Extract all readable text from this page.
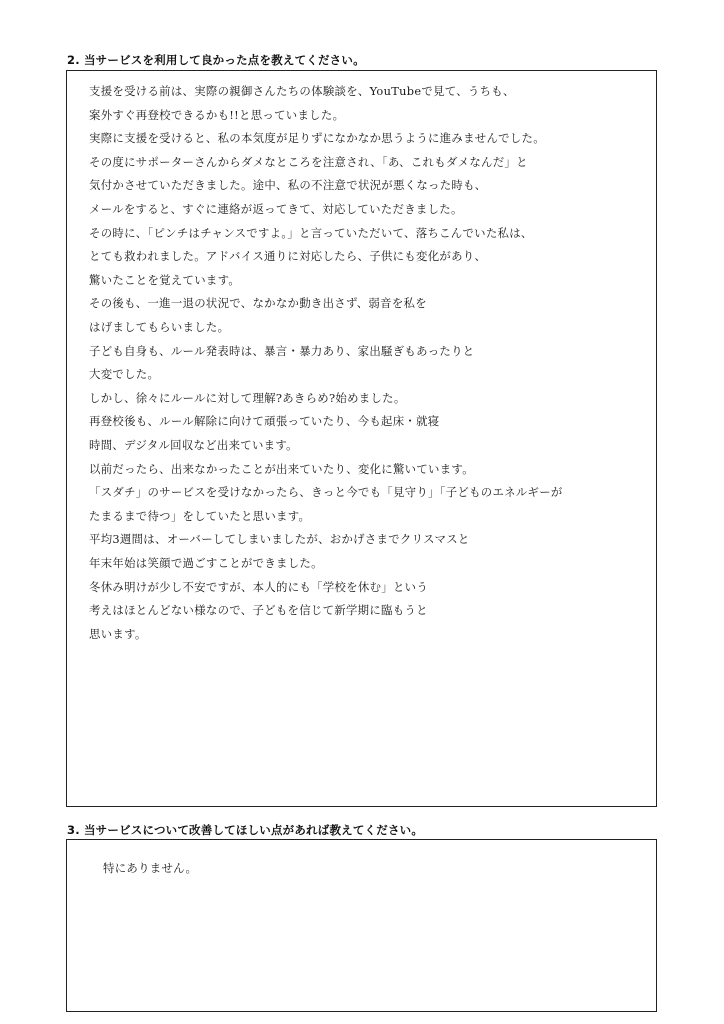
2. 当サービスを利用して良かった点を教えてください。
支援を受ける前は、実際の親御さんたちの体験談を、YouTubeで見て、うちも、
案外すぐ再登校できるかも!!と思っていました。
実際に支援を受けると、私の本気度が足りずになかなか思うように進みませんでした。
その度にサポーターさんからダメなところを注意され、「あ、これもダメなんだ」と
気付かさせていただきました。途中、私の不注意で状況が悪くなった時も、
メールをすると、すぐに連絡が返ってきて、対応していただきました。
その時に、「ピンチはチャンスですよ。」と言っていただいて、落ちこんでいた私は、
とても救われました。アドバイス通りに対応したら、子供にも変化があり、
驚いたことを覚えています。
その後も、一進一退の状況で、なかなか動き出さず、弱音を私を
はげましてもらいました。
子ども自身も、ルール発表時は、暴言・暴力あり、家出騒ぎもあったりと
大変でした。
しかし、徐々にルールに対して理解?あきらめ?始めました。
再登校後も、ルール解除に向けて頑張っていたり、今も起床・就寝
時間、デジタル回収など出来ています。
以前だったら、出来なかったことが出来ていたり、変化に驚いています。
「スダチ」のサービスを受けなかったら、きっと今でも「見守り」「子どものエネルギーが
たまるまで待つ」をしていたと思います。
平均3週間は、オーバーしてしまいましたが、おかげさまでクリスマスと
年末年始は笑顔で過ごすことができました。
冬休み明けが少し不安ですが、本人的にも「学校を休む」という
考えはほとんどない様なので、子どもを信じて新学期に臨もうと
思います。
3. 当サービスについて改善してほしい点があれば教えてください。
特にありません。
